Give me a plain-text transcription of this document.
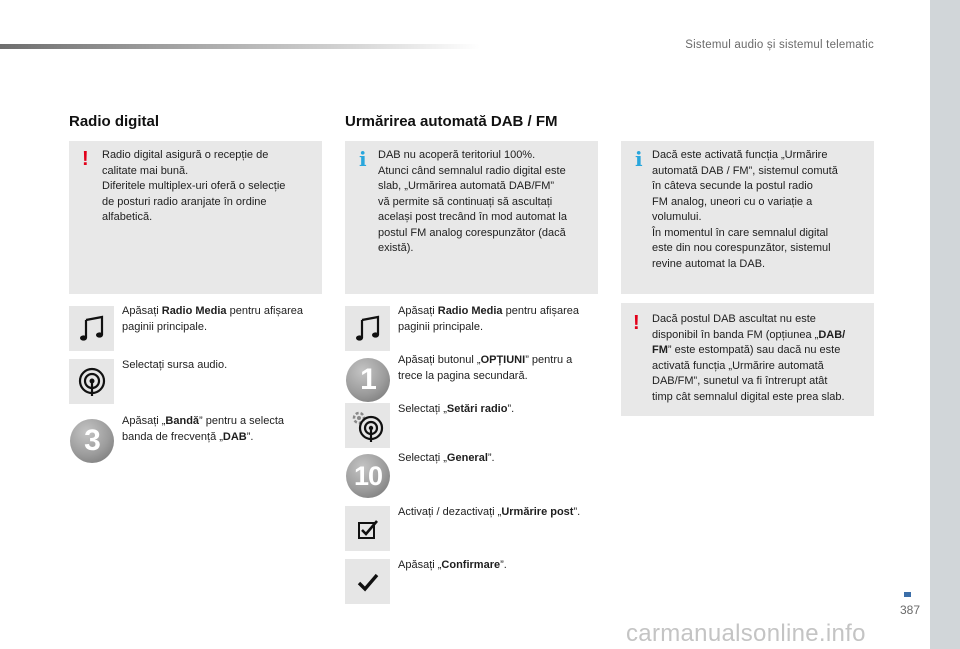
Sistemul audio și sistemul telematic
387
carmanualsonline.info
Radio digital
! Radio digital asigură o recepție de
calitate mai bună.
Diferitele multiplex-uri oferă o selecție
de posturi radio aranjate în ordine
alfabetică.
Apăsați Radio Media pentru afișarea
paginii principale.
Selectați sursa audio.
3
Apăsați „Bandă” pentru a selecta
banda de frecvență „DAB”.
Urmărirea automată DAB / FM
i DAB nu acoperă teritoriul 100%.
Atunci când semnalul radio digital este
slab, „Urmărirea automată DAB/FM”
vă permite să continuați să ascultați
același post trecând în mod automat la
postul FM analog corespunzător (dacă
există).
Apăsați Radio Media pentru afișarea
paginii principale.
1
Apăsați butonul „OPȚIUNI” pentru a
trece la pagina secundară.
Selectați „Setări radio”.
10
Selectați „General”.
Activați / dezactivați „Urmărire post”.
Apăsați „Confirmare”.
i Dacă este activată funcția „Urmărire
automată DAB / FM”, sistemul comută
în câteva secunde la postul radio
FM analog, uneori cu o variație a
volumului.
În momentul în care semnalul digital
este din nou corespunzător, sistemul
revine automat la DAB.
! Dacă postul DAB ascultat nu este
disponibil în banda FM (opțiunea „DAB/
FM” este estompată) sau dacă nu este
activată funcția „Urmărire automată
DAB/FM”, sunetul va fi întrerupt atât
timp cât semnalul digital este prea slab.
